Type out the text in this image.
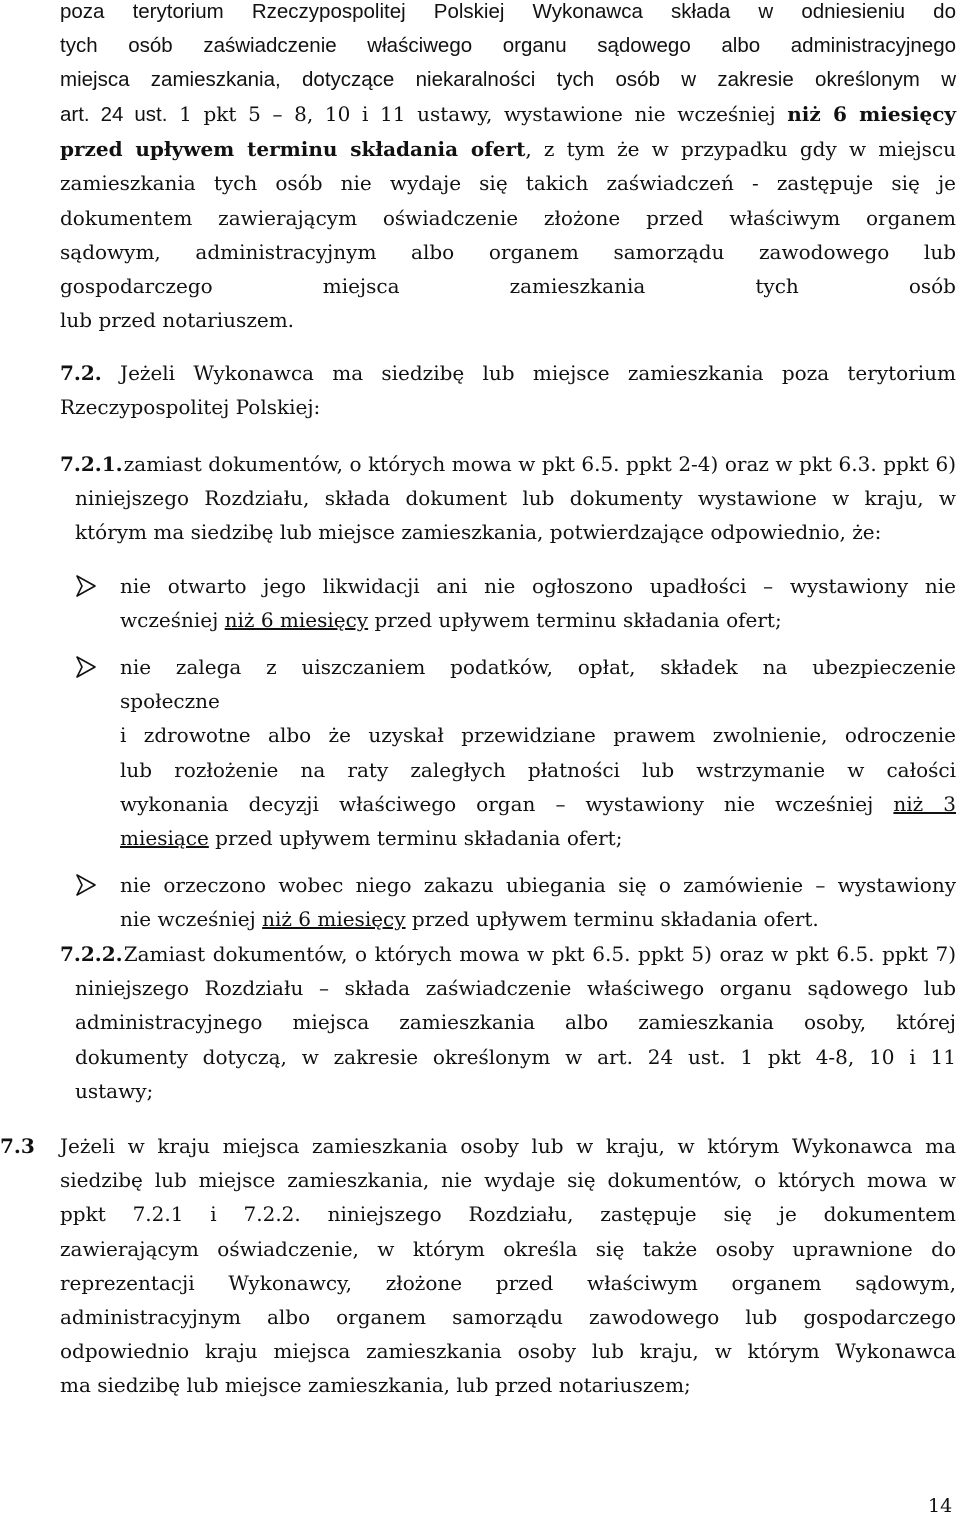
poza terytorium Rzeczypospolitej Polskiej Wykonawca składa w odniesieniu do
tych osób zaświadczenie właściwego organu sądowego albo administracyjnego
miejsca zamieszkania, dotyczące niekaralności tych osób w zakresie określonym w
art. 24 ust. 1 pkt 5 – 8, 10 i 11 ustawy, wystawione nie wcześniej niż 6 miesięcy
przed upływem terminu składania ofert, z tym że w przypadku gdy w miejscu
zamieszkania tych osób nie wydaje się takich zaświadczeń - zastępuje się je
dokumentem zawierającym oświadczenie złożone przed właściwym organem
sądowym, administracyjnym albo organem samorządu zawodowego lub
gospodarczego miejsca zamieszkania tych osób
lub przed notariuszem.
7.2. Jeżeli Wykonawca ma siedzibę lub miejsce zamieszkania poza terytorium
Rzeczypospolitej Polskiej:
7.2.1. zamiast dokumentów, o których mowa w pkt 6.5. ppkt 2-4) oraz w pkt 6.3. ppkt 6)
niniejszego Rozdziału, składa dokument lub dokumenty wystawione w kraju, w
którym ma siedzibę lub miejsce zamieszkania, potwierdzające odpowiednio, że:
nie otwarto jego likwidacji ani nie ogłoszono upadłości – wystawiony nie
wcześniej niż 6 miesięcy przed upływem terminu składania ofert;
nie zalega z uiszczaniem podatków, opłat, składek na ubezpieczenie
społeczne
i zdrowotne albo że uzyskał przewidziane prawem zwolnienie, odroczenie
lub rozłożenie na raty zaległych płatności lub wstrzymanie w całości
wykonania decyzji właściwego organ – wystawiony nie wcześniej niż 3
miesiące przed upływem terminu składania ofert;
nie orzeczono wobec niego zakazu ubiegania się o zamówienie – wystawiony
nie wcześniej niż 6 miesięcy przed upływem terminu składania ofert.
7.2.2. Zamiast dokumentów, o których mowa w pkt 6.5. ppkt 5) oraz w pkt 6.5. ppkt 7)
niniejszego Rozdziału – składa zaświadczenie właściwego organu sądowego lub
administracyjnego miejsca zamieszkania albo zamieszkania osoby, której
dokumenty dotyczą, w zakresie określonym w art. 24 ust. 1 pkt 4-8, 10 i 11
ustawy;
7.3	Jeżeli w kraju miejsca zamieszkania osoby lub w kraju, w którym Wykonawca ma
siedzibę lub miejsce zamieszkania, nie wydaje się dokumentów, o których mowa w
ppkt 7.2.1 i 7.2.2. niniejszego Rozdziału, zastępuje się je dokumentem
zawierającym oświadczenie, w którym określa się także osoby uprawnione do
reprezentacji Wykonawcy, złożone przed właściwym organem sądowym,
administracyjnym albo organem samorządu zawodowego lub gospodarczego
odpowiednio kraju miejsca zamieszkania osoby lub kraju, w którym Wykonawca
ma siedzibę lub miejsce zamieszkania, lub przed notariuszem;
14
